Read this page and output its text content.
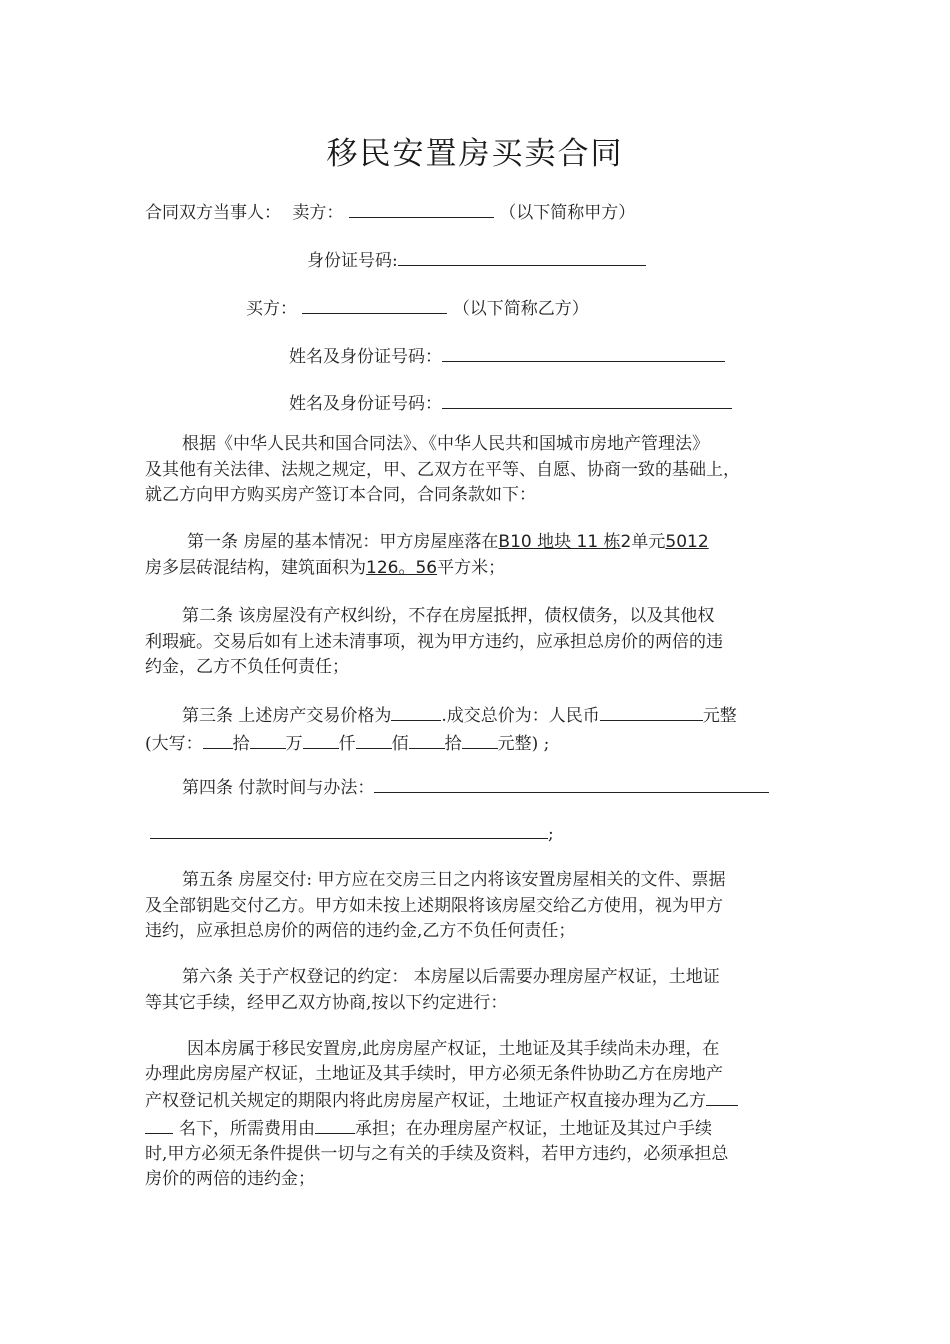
移民安置房买卖合同
合同双方当事人： 卖方：	（以下简称甲方）
身份证号码:
买方：	（以下简称乙方）
姓名及身份证号码：
姓名及身份证号码：

根据《中华人民共和国合同法》、《中华人民共和国城市房地产管理法》

及其他有关法律、法规之规定，甲、乙双方在平等、自愿、协商一致的基础上，

就乙方向甲方购买房产签订本合同，合同条款如下：

第一条 房屋的基本情况：甲方房屋座落在B10 地块 11 栋2单元5012

房多层砖混结构，建筑面积为126。56平方米；

第二条 该房屋没有产权纠纷，不存在房屋抵押，债权债务，以及其他权

利瑕疵。交易后如有上述未清事项，视为甲方违约，应承担总房价的两倍的违

约金，乙方不负任何责任；

第三条 上述房产交易价格为	.成交总价为：人民币	元整

(大写： 拾 万 仟 佰 拾 元整) ;

第四条 付款时间与办法：
;

第五条 房屋交付: 甲方应在交房三日之内将该安置房屋相关的文件、票据

及全部钥匙交付乙方。甲方如未按上述期限将该房屋交给乙方使用，视为甲方

违约，应承担总房价的两倍的违约金,乙方不负任何责任；

第六条 关于产权登记的约定： 本房屋以后需要办理房屋产权证，土地证

等其它手续，经甲乙双方协商,按以下约定进行：

因本房属于移民安置房,此房房屋产权证，土地证及其手续尚未办理，在

办理此房房屋产权证，土地证及其手续时，甲方必须无条件协助乙方在房地产

产权登记机关规定的期限内将此房房屋产权证，土地证产权直接办理为乙方

名下，所需费用由 承担；在办理房屋产权证，土地证及其过户手续

时,甲方必须无条件提供一切与之有关的手续及资料，若甲方违约，必须承担总

房价的两倍的违约金；
